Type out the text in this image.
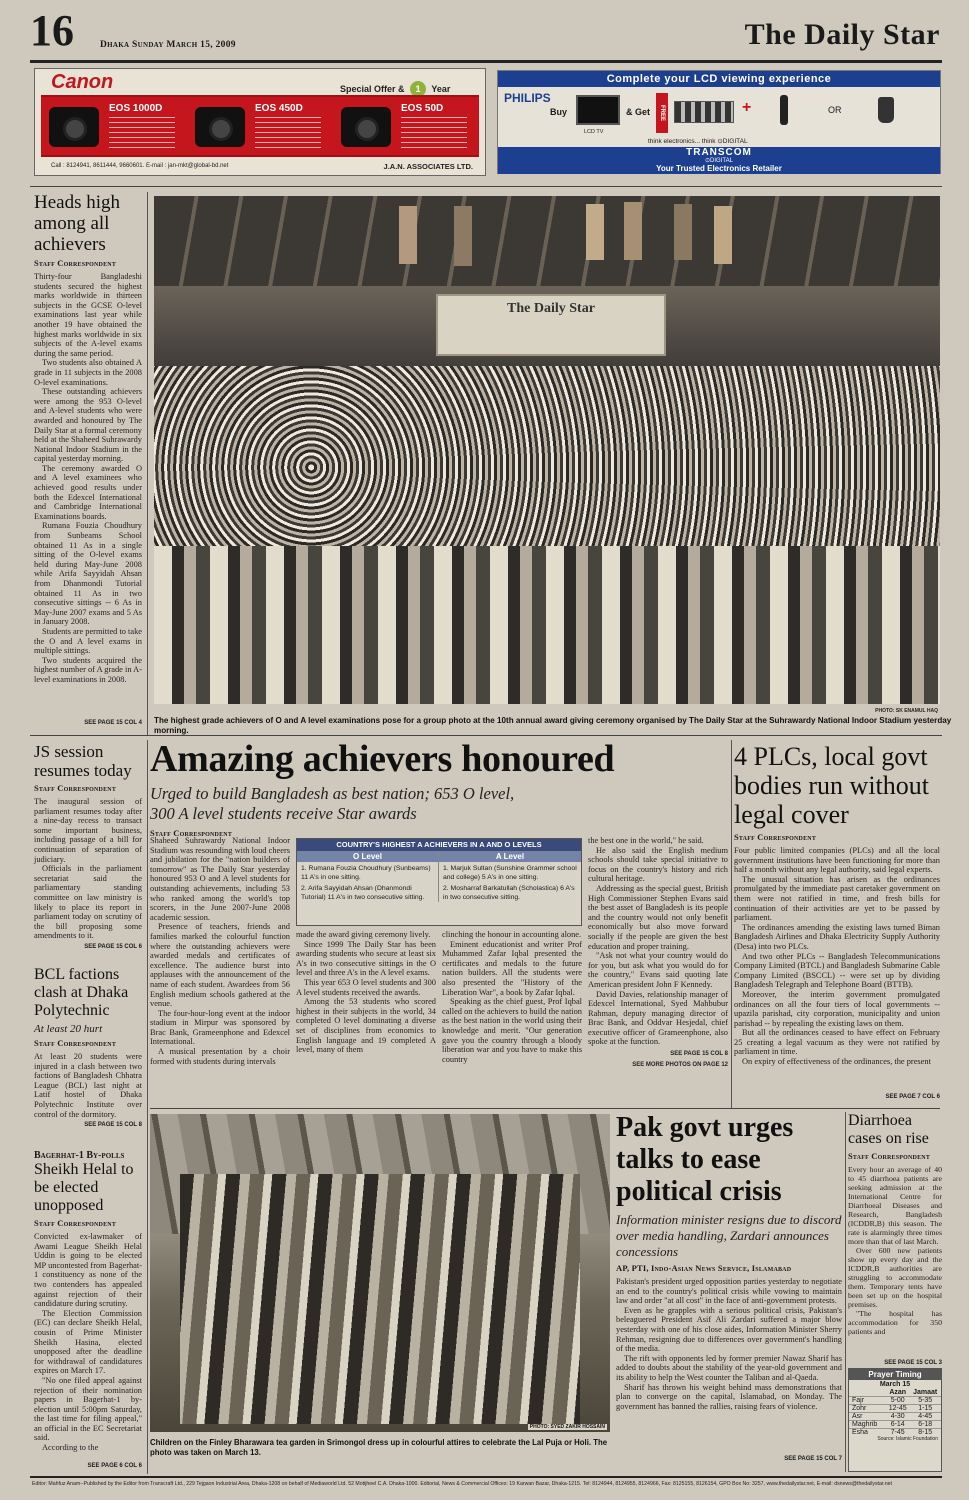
16	Dhaka Sunday March 15, 2009	The Daily Star
Canon	Special Offer & 1 Year
EOS 1000D	EOS 450D	EOS 50D
Call : 8124941, 8611444, 9660601. E-mail : jan-mkt@global-bd.net	J.A.N. ASSOCIATES LTD.
Complete your LCD viewing experience
PHILIPS
Buy
LCD TV
& Get	FREE	+	OR
think electronics... think ⊙DIGITAL
TRANSCOM
⊙DIGITAL
Your Trusted Electronics Retailer
Heads high among all achievers
Staff Correspondent

Thirty-four Bangladeshi students secured the highest marks worldwide in thirteen subjects in the GCSE O-level examinations last year while another 19 have obtained the highest marks worldwide in six subjects of the A-level exams during the same period.

Two students also obtained A grade in 11 subjects in the 2008 O-level examinations.

These outstanding achievers were among the 953 O-level and A-level students who were awarded and honoured by The Daily Star at a formal ceremony held at the Shaheed Suhrawardy National Indoor Stadium in the capital yesterday morning.

The ceremony awarded O and A level examinees who achieved good results under both the Edexcel International and Cambridge International Examinations boards.

Rumana Fouzia Choudhury from Sunbeams School obtained 11 As in a single sitting of the O-level exams held during May-June 2008 while Arifa Sayyidah Ahsan from Dhanmondi Tutorial obtained 11 As in two consecutive sittings -- 6 As in May-June 2007 exams and 5 As in January 2008.

Students are permitted to take the O and A level exams in multiple sittings.

Two students acquired the highest number of A grade in A-level examinations in 2008.

SEE PAGE 15 COL 4
The Daily Star
PHOTO: SK ENAMUL HAQ
The highest grade achievers of O and A level examinations pose for a group photo at the 10th annual award giving ceremony organised by The Daily Star at the Suhrawardy National Indoor Stadium yesterday morning.
JS session resumes today
Staff Correspondent

The inaugural session of parliament resumes today after a nine-day recess to transact some important business, including passage of a bill for continuation of separation of judiciary.

Officials in the parliament secretariat said the parliamentary standing committee on law ministry is likely to place its report in parliament today on scrutiny of the bill proposing some amendments to it.

SEE PAGE 15 COL 6
BCL factions clash at Dhaka Polytechnic
At least 20 hurt
Staff Correspondent

At least 20 students were injured in a clash between two factions of Bangladesh Chhatra League (BCL) last night at Latif hostel of Dhaka Polytechnic Institute over control of the dormitory.

SEE PAGE 15 COL 8
Bagerhat-1 By-polls
Sheikh Helal to be elected unopposed
Staff Correspondent

Convicted ex-lawmaker of Awami League Sheikh Helal Uddin is going to be elected MP uncontested from Bagerhat-1 constituency as none of the two contenders has appealed against rejection of their candidature during scrutiny.

The Election Commission (EC) can declare Sheikh Helal, cousin of Prime Minister Sheikh Hasina, elected unopposed after the deadline for withdrawal of candidatures expires on March 17.

"No one filed appeal against rejection of their nomination papers in Bagerhat-1 by-election until 5:00pm Saturday, the last time for filing appeal," an official in the EC Secretariat said.

According to the

SEE PAGE 6 COL 6
Amazing achievers honoured
Urged to build Bangladesh as best nation; 653 O level, 300 A level students receive Star awards
Staff Correspondent

Shaheed Suhrawardy National Indoor Stadium was resounding with loud cheers and jubilation for the "nation builders of tomorrow" as The Daily Star yesterday honoured 953 O and A level students for outstanding achievements, including 53 who ranked among the world's top scorers, in the June 2007-June 2008 academic session.

Presence of teachers, friends and families marked the colourful function where the outstanding achievers were awarded medals and certificates of excellence. The audience burst into applauses with the announcement of the name of each student. Awardees from 56 English medium schools gathered at the venue.

The four-hour-long event at the indoor stadium in Mirpur was sponsored by Brac Bank, Grameenphone and Edexcel International.

A musical presentation by a choir formed with students during intervals

made the award giving ceremony lively.

Since 1999 The Daily Star has been awarding students who secure at least six A's in two consecutive sittings in the O level and three A's in the A level exams.

This year 653 O level students and 300 A level students received the awards.

Among the 53 students who scored highest in their subjects in the world, 34 completed O level dominating a diverse set of disciplines from economics to English language and 19 completed A level, many of them

clinching the honour in accounting alone.

Eminent educationist and writer Prof Muhammed Zafar Iqbal presented the certificates and medals to the future nation builders. All the students were also presented the "History of the Liberation War", a book by Zafar Iqbal.

Speaking as the chief guest, Prof Iqbal called on the achievers to build the nation as the best nation in the world using their knowledge and merit. "Our generation gave you the country through a bloody liberation war and you have to make this country

the best one in the world," he said.

He also said the English medium schools should take special initiative to focus on the country's history and rich cultural heritage.

Addressing as the special guest, British High Commissioner Stephen Evans said the best asset of Bangladesh is its people and the country would not only benefit economically but also move forward socially if the people are given the best education and proper training.

"Ask not what your country would do for you, but ask what you would do for the country," Evans said quoting late American president John F Kennedy.

David Davies, relationship manager of Edexcel International, Syed Mahbubur Rahman, deputy managing director of Brac Bank, and Oddvar Hesjedal, chief executive officer of Grameenphone, also spoke at the function.

SEE PAGE 15 COL 8
SEE MORE PHOTOS ON PAGE 12
COUNTRY'S HIGHEST A ACHIEVERS IN A AND O LEVELS
O Level
1. Rumana Fouzia Choudhury (Sunbeams) 11 A's in one sitting.
2. Arifa Sayyidah Ahsan (Dhanmondi Tutorial) 11 A's in two consecutive sitting.
A Level
1. Marjuk Sultan (Sunshine Grammer school and college) 5 A's in one sitting.
2. Mosharraf Barkatullah (Scholastica) 6 A's in two consecutive sitting.
4 PLCs, local govt bodies run without legal cover
Staff Correspondent

Four public limited companies (PLCs) and all the local government institutions have been functioning for more than half a month without any legal authority, said legal experts.

The unusual situation has arisen as the ordinances promulgated by the immediate past caretaker government on them were not ratified in time, and fresh bills for continuation of their activities are yet to be passed by parliament.

The ordinances amending the existing laws turned Biman Bangladesh Airlines and Dhaka Electricity Supply Authority (Desa) into two PLCs.

And two other PLCs -- Bangladesh Telecommunications Company Limited (BTCL) and Bangladesh Submarine Cable Company Limited (BSCCL) -- were set up by dividing Bangladesh Telegraph and Telephone Board (BTTB).

Moreover, the interim government promulgated ordinances on all the four tiers of local governments -- upazila parishad, city corporation, municipality and union parishad -- by repealing the existing laws on them.

But all the ordinances ceased to have effect on February 25 creating a legal vacuum as they were not ratified by parliament in time.

On expiry of effectiveness of the ordinances, the present

SEE PAGE 7 COL 6
PHOTO: SYED ZAKIR HOSSAIN
Children on the Finley Bharawara tea garden in Srimongol dress up in colourful attires to celebrate the Lal Puja or Holi. The photo was taken on March 13.
Pak govt urges talks to ease political crisis
Information minister resigns due to discord over media handling, Zardari announces concessions
AP, PTI, Indo-Asian News Service, Islamabad

Pakistan's president urged opposition parties yesterday to negotiate an end to the country's political crisis while vowing to maintain law and order "at all cost" in the face of anti-government protests.

Even as he grapples with a serious political crisis, Pakistan's beleaguered President Asif Ali Zardari suffered a major blow yesterday with one of his close aides, Information Minister Sherry Rehman, resigning due to differences over government's handling of the media.

The rift with opponents led by former premier Nawaz Sharif has added to doubts about the stability of the year-old government and its ability to help the West counter the Taliban and al-Qaeda.

Sharif has thrown his weight behind mass demonstrations that plan to converge on the capital, Islamabad, on Monday. The government has banned the rallies, raising fears of violence.

SEE PAGE 15 COL 7
Diarrhoea cases on rise
Staff Correspondent

Every hour an average of 40 to 45 diarrhoea patients are seeking admission at the International Centre for Diarrhoeal Diseases and Research, Bangladesh (ICDDR,B) this season. The rate is alarmingly three times more than that of last March.

Over 600 new patients show up every day and the ICDDR,B authorities are struggling to accommodate them. Temporary tents have been set up on the hospital premises.

"The hospital has accommodation for 350 patients and

SEE PAGE 15 COL 3
Prayer Timing
March 15
	Azan	Jamaat
Fajr	5-00	5-35
Zohr	12-45	1-15
Asr	4-30	4-45
Maghrib	6-14	6-18
Esha	7-45	8-15
Source: Islamic Foundation
Editor: Mahfuz Anam--Published by the Editor from Transcraft Ltd., 229 Tejgaon Industrial Area, Dhaka-1208 on behalf of Mediaworld Ltd. 52 Motijheel C.A. Dhaka-1000. Editorial, News & Commercial Offices: 19 Karwan Bazar, Dhaka-1215. Tel: 8124944, 8124955, 8124966, Fax: 8125155, 8126154, GPO Box No: 3257, www.thedailystar.net, E-mail: dsnews@thedailystar.net
